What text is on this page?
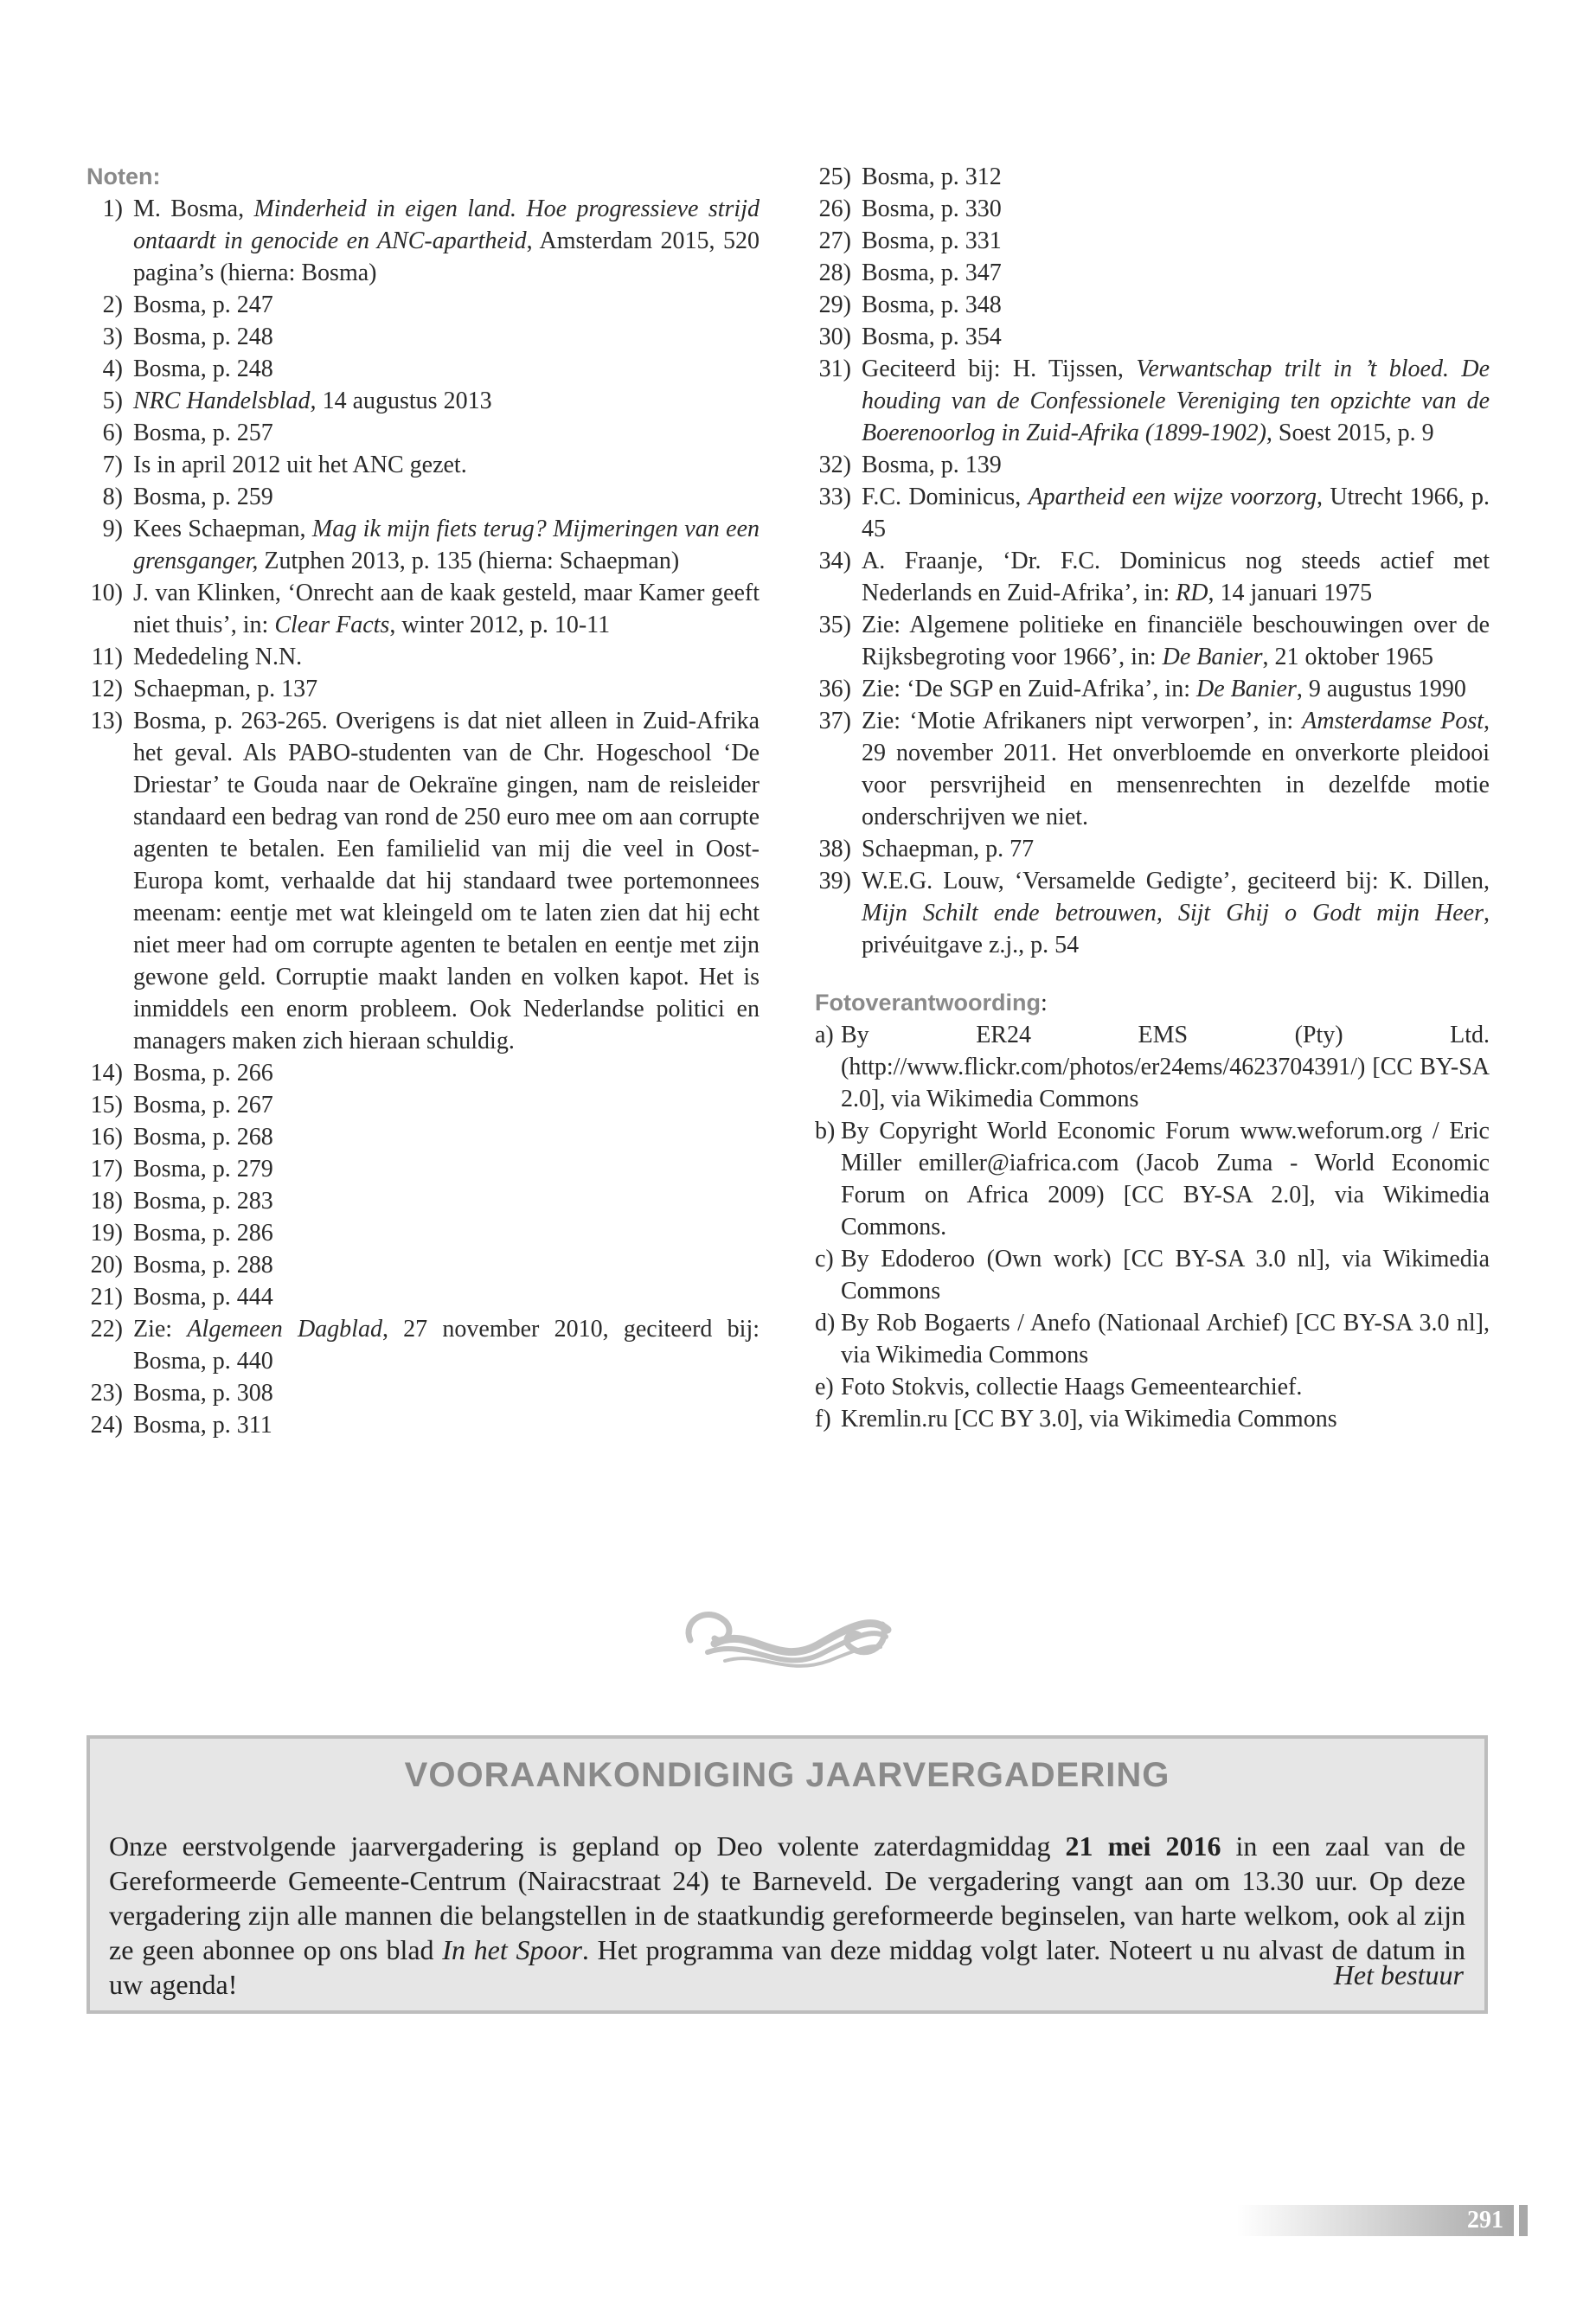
Noten:
1) M. Bosma, Minderheid in eigen land. Hoe progressieve strijd ontaardt in genocide en ANC-apartheid, Amsterdam 2015, 520 pagina’s (hierna: Bosma)
2) Bosma, p. 247
3) Bosma, p. 248
4) Bosma, p. 248
5) NRC Handelsblad, 14 augustus 2013
6) Bosma, p. 257
7) Is in april 2012 uit het ANC gezet.
8) Bosma, p. 259
9) Kees Schaepman, Mag ik mijn fiets terug? Mijmeringen van een grensganger, Zutphen 2013, p. 135 (hierna: Schaepman)
10) J. van Klinken, ‘Onrecht aan de kaak gesteld, maar Kamer geeft niet thuis’, in: Clear Facts, winter 2012, p. 10-11
11) Mededeling N.N.
12) Schaepman, p. 137
13) Bosma, p. 263-265. Overigens is dat niet alleen in Zuid-Afrika het geval. Als PABO-studenten van de Chr. Hogeschool ‘De Driestar’ te Gouda naar de Oekraïne gingen, nam de reisleider standaard een bedrag van rond de 250 euro mee om aan corrupte agenten te betalen. Een familielid van mij die veel in Oost-Europa komt, verhaalde dat hij standaard twee portemonnees meenam: eentje met wat kleingeld om te laten zien dat hij echt niet meer had om corrupte agenten te betalen en eentje met zijn gewone geld. Corruptie maakt landen en volken kapot. Het is inmiddels een enorm probleem. Ook Nederlandse politici en managers maken zich hieraan schuldig.
14) Bosma, p. 266
15) Bosma, p. 267
16) Bosma, p. 268
17) Bosma, p. 279
18) Bosma, p. 283
19) Bosma, p. 286
20) Bosma, p. 288
21) Bosma, p. 444
22) Zie: Algemeen Dagblad, 27 november 2010, geciteerd bij: Bosma, p. 440
23) Bosma, p. 308
24) Bosma, p. 311
25) Bosma, p. 312
26) Bosma, p. 330
27) Bosma, p. 331
28) Bosma, p. 347
29) Bosma, p. 348
30) Bosma, p. 354
31) Geciteerd bij: H. Tijssen, Verwantschap trilt in ’t bloed. De houding van de Confessionele Vereniging ten opzichte van de Boerenoorlog in Zuid-Afrika (1899-1902), Soest 2015, p. 9
32) Bosma, p. 139
33) F.C. Dominicus, Apartheid een wijze voorzorg, Utrecht 1966, p. 45
34) A. Fraanje, ‘Dr. F.C. Dominicus nog steeds actief met Nederlands en Zuid-Afrika’, in: RD, 14 januari 1975
35) Zie: Algemene politieke en financiële beschouwingen over de Rijksbegroting voor 1966’, in: De Banier, 21 oktober 1965
36) Zie: ‘De SGP en Zuid-Afrika’, in: De Banier, 9 augustus 1990
37) Zie: ‘Motie Afrikaners nipt verworpen’, in: Amsterdamse Post, 29 november 2011. Het onverbloemde en onverkorte pleidooi voor persvrijheid en mensenrechten in dezelfde motie onderschrijven we niet.
38) Schaepman, p. 77
39) W.E.G. Louw, ‘Versamelde Gedigte’, geciteerd bij: K. Dillen, Mijn Schilt ende betrouwen, Sijt Ghij o Godt mijn Heer, privéuitgave z.j., p. 54
Fotoverantwoording:
a) By ER24 EMS (Pty) Ltd. (http://www.flickr.com/photos/er24ems/4623704391/) [CC BY-SA 2.0], via Wikimedia Commons
b) By Copyright World Economic Forum www.weforum.org / Eric Miller emiller@iafrica.com (Jacob Zuma - World Economic Forum on Africa 2009) [CC BY-SA 2.0], via Wikimedia Commons.
c) By Edoderoo (Own work) [CC BY-SA 3.0 nl], via Wikimedia Commons
d) By Rob Bogaerts / Anefo (Nationaal Archief) [CC BY-SA 3.0 nl], via Wikimedia Commons
e) Foto Stokvis, collectie Haags Gemeentearchief.
f) Kremlin.ru [CC BY 3.0], via Wikimedia Commons
VOORAANKONDIGING JAARVERGADERING
Onze eerstvolgende jaarvergadering is gepland op Deo volente zaterdagmiddag 21 mei 2016 in een zaal van de Gereformeerde Gemeente-Centrum (Nairacstraat 24) te Barneveld. De vergadering vangt aan om 13.30 uur. Op deze vergadering zijn alle mannen die belangstellen in de staatkundig gereformeerde beginselen, van harte welkom, ook al zijn ze geen abonnee op ons blad In het Spoor. Het programma van deze middag volgt later. Noteert u nu alvast de datum in uw agenda!	Het bestuur
291
